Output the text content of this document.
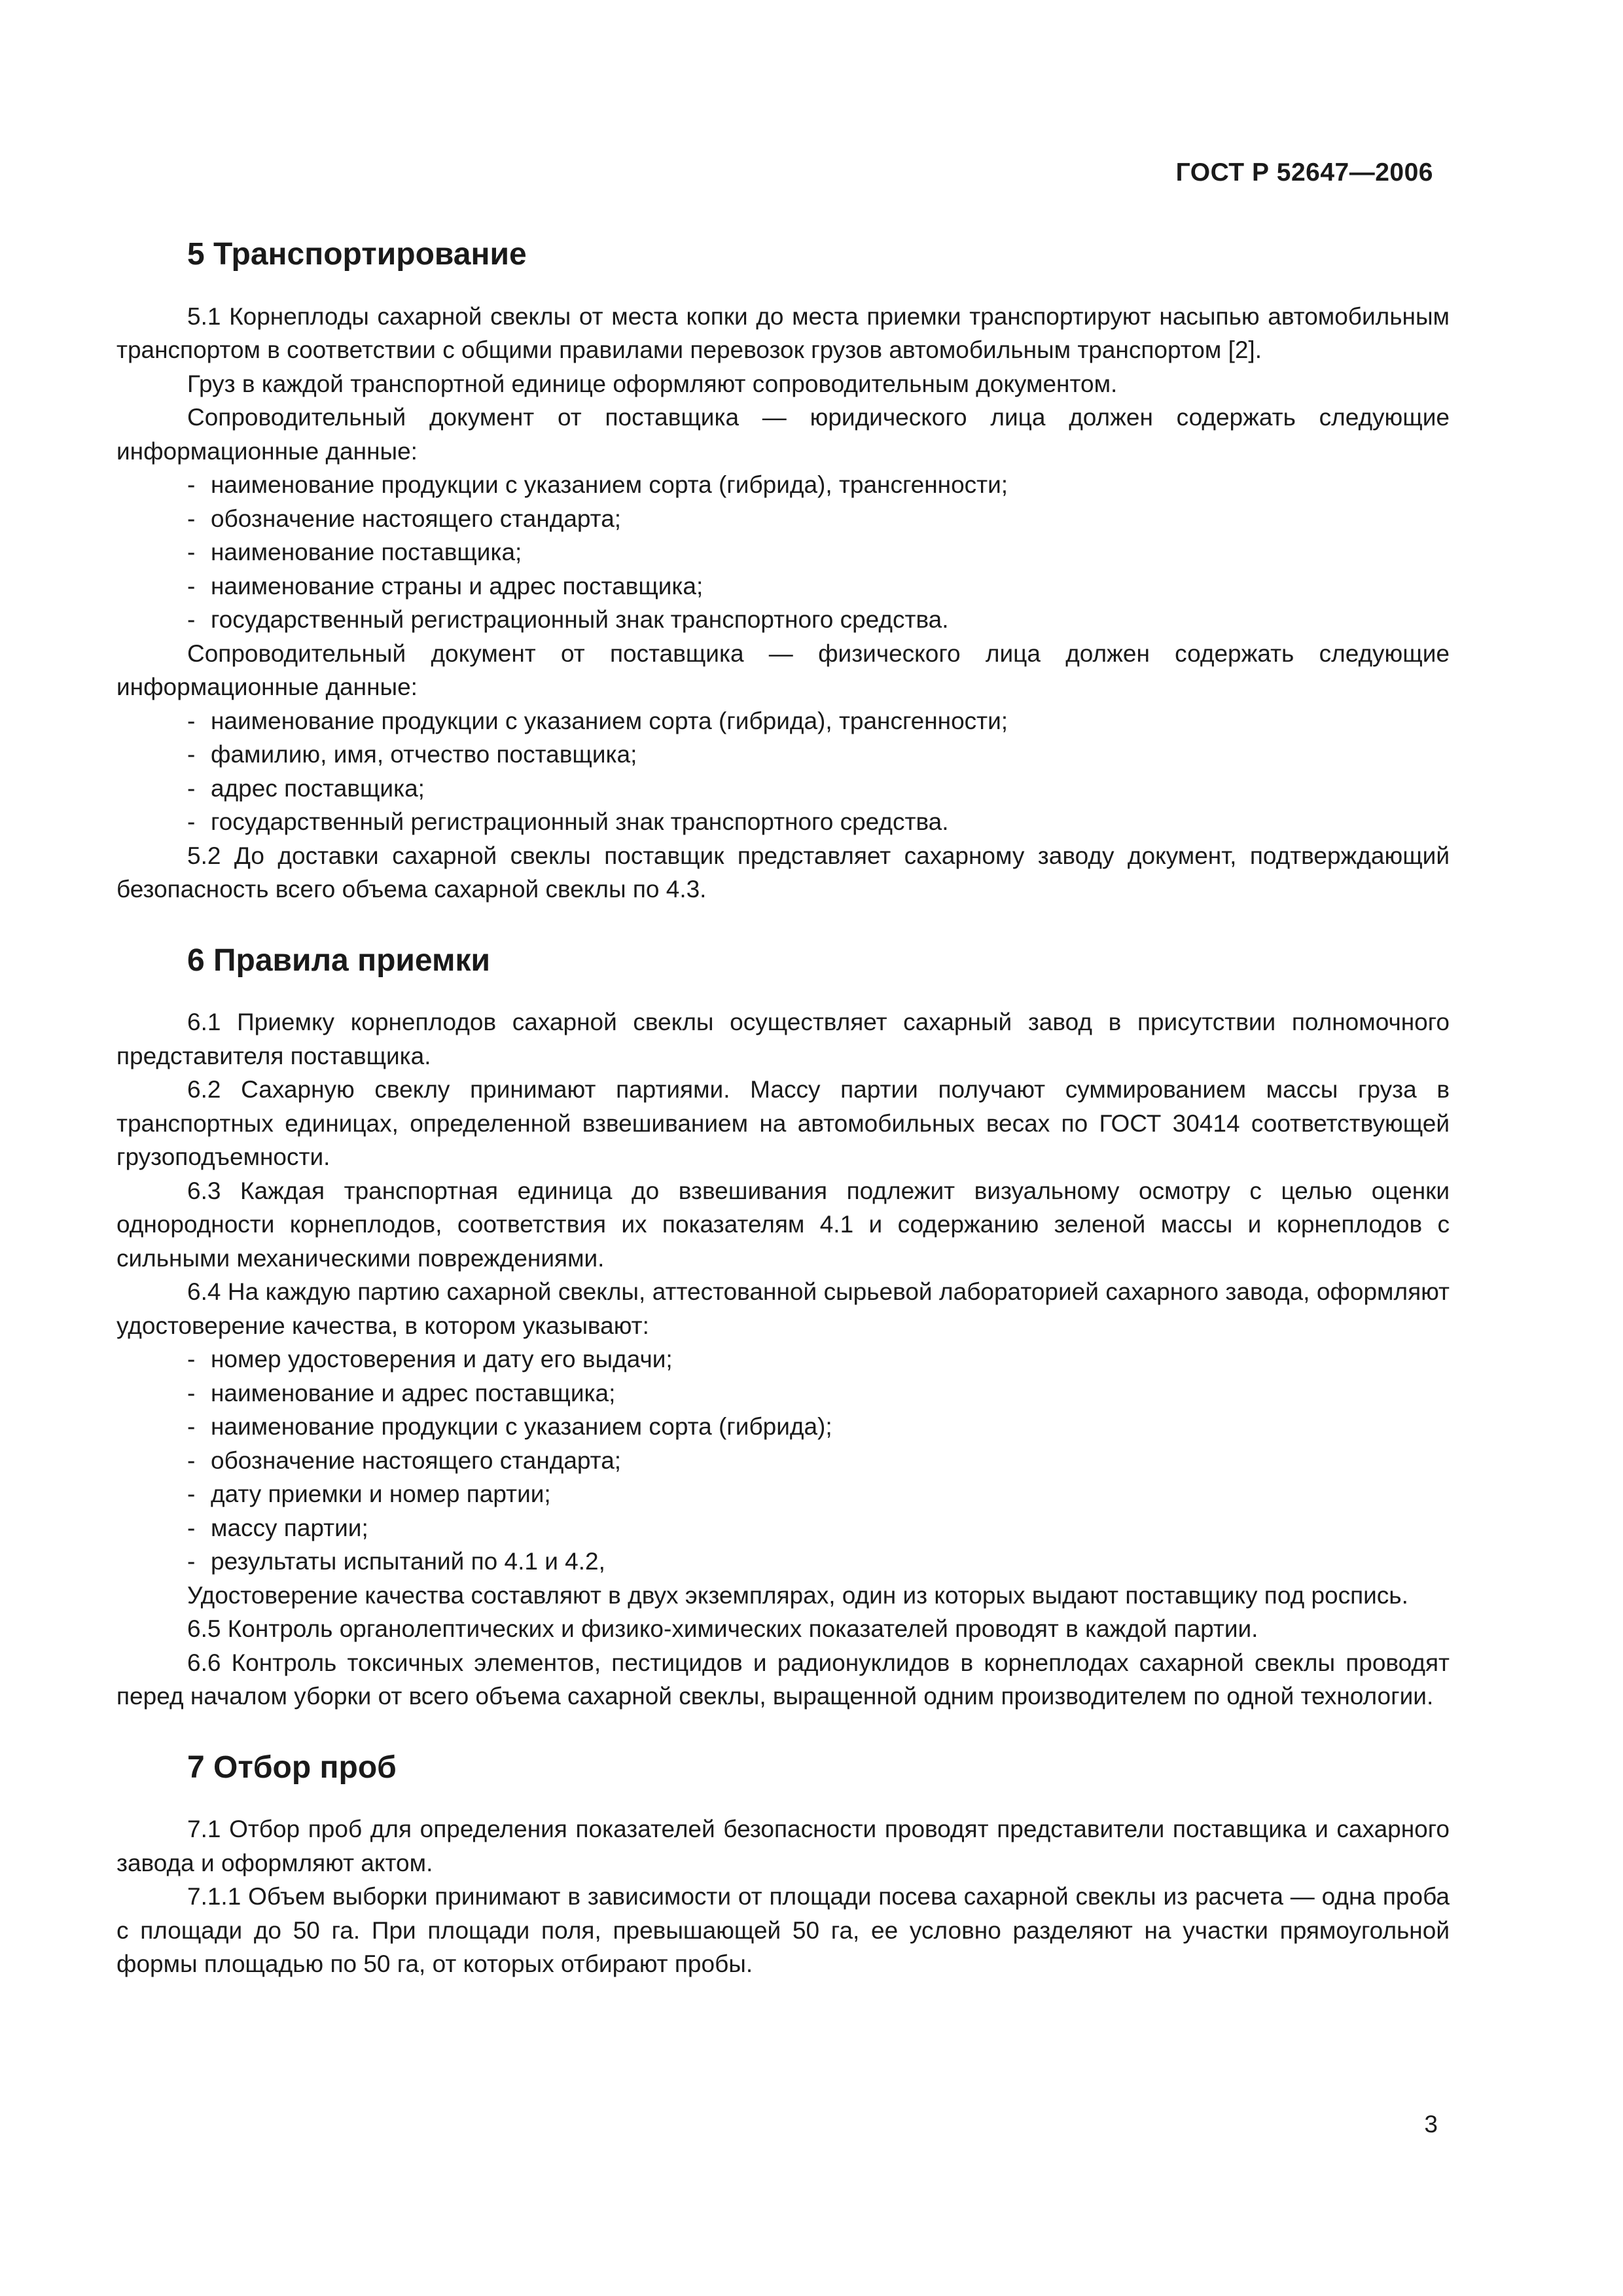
ГОСТ Р 52647—2006
5 Транспортирование

5.1 Корнеплоды сахарной свеклы от места копки до места приемки транспортируют насыпью автомобильным транспортом в соответствии с общими правилами перевозок грузов автомобильным транспортом [2].

Груз в каждой транспортной единице оформляют сопроводительным документом.

Сопроводительный документ от поставщика — юридического лица должен содержать следующие информационные данные:

- наименование продукции с указанием сорта (гибрида), трансгенности;
- обозначение настоящего стандарта;
- наименование поставщика;
- наименование страны и адрес поставщика;
- государственный регистрационный знак транспортного средства.

Сопроводительный документ от поставщика — физического лица должен содержать следующие информационные данные:

- наименование продукции с указанием сорта (гибрида), трансгенности;
- фамилию, имя, отчество поставщика;
- адрес поставщика;
- государственный регистрационный знак транспортного средства.

5.2 До доставки сахарной свеклы поставщик представляет сахарному заводу документ, подтверждающий безопасность всего объема сахарной свеклы по 4.3.

6 Правила приемки

6.1 Приемку корнеплодов сахарной свеклы осуществляет сахарный завод в присутствии полномочного представителя поставщика.

6.2 Сахарную свеклу принимают партиями. Массу партии получают суммированием массы груза в транспортных единицах, определенной взвешиванием на автомобильных весах по ГОСТ 30414 соответствующей грузоподъемности.

6.3 Каждая транспортная единица до взвешивания подлежит визуальному осмотру с целью оценки однородности корнеплодов, соответствия их показателям 4.1 и содержанию зеленой массы и корнеплодов с сильными механическими повреждениями.

6.4 На каждую партию сахарной свеклы, аттестованной сырьевой лабораторией сахарного завода, оформляют удостоверение качества, в котором указывают:

- номер удостоверения и дату его выдачи;
- наименование и адрес поставщика;
- наименование продукции с указанием сорта (гибрида);
- обозначение настоящего стандарта;
- дату приемки и номер партии;
- массу партии;
- результаты испытаний по 4.1 и 4.2,

Удостоверение качества составляют в двух экземплярах, один из которых выдают поставщику под роспись.

6.5 Контроль органолептических и физико-химических показателей проводят в каждой партии.

6.6 Контроль токсичных элементов, пестицидов и радионуклидов в корнеплодах сахарной свеклы проводят перед началом уборки от всего объема сахарной свеклы, выращенной одним производителем по одной технологии.

7 Отбор проб

7.1 Отбор проб для определения показателей безопасности проводят представители поставщика и сахарного завода и оформляют актом.

7.1.1 Объем выборки принимают в зависимости от площади посева сахарной свеклы из расчета — одна проба с площади до 50 га. При площади поля, превышающей 50 га, ее условно разделяют на участки прямоугольной формы площадью по 50 га, от которых отбирают пробы.

3
